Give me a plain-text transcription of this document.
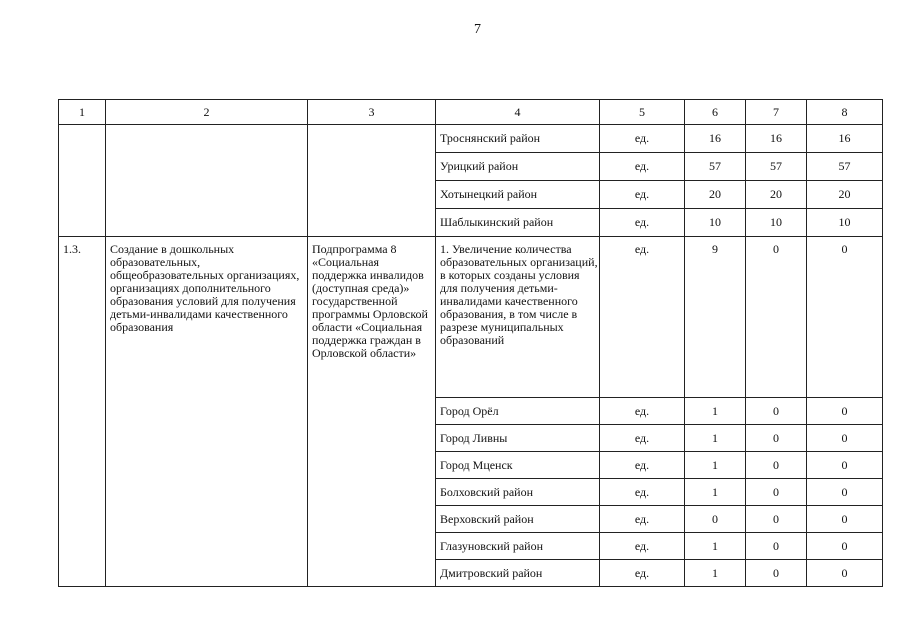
7
1	2	3	4	5	6	7	8
			Троснянский район	ед.	16	16	16
			Урицкий район	ед.	57	57	57
			Хотынецкий район	ед.	20	20	20
			Шаблыкинский район	ед.	10	10	10
1.3.	Создание в дошкольных образовательных, общеобразовательных организациях, организациях дополнительного образования условий для получения детьми-инвалидами качественного образования	Подпрограмма 8 «Социальная поддержка инвалидов (доступная среда)» государственной программы Орловской области «Социальная поддержка граждан в Орловской области»	1. Увеличение количества образовательных организаций, в которых созданы условия для получения детьми-инвалидами качественного образования, в том числе в разрезе муниципальных образований	ед.	9	0	0
			Город Орёл	ед.	1	0	0
			Город Ливны	ед.	1	0	0
			Город Мценск	ед.	1	0	0
			Болховский район	ед.	1	0	0
			Верховский район	ед.	0	0	0
			Глазуновский район	ед.	1	0	0
			Дмитровский район	ед.	1	0	0
